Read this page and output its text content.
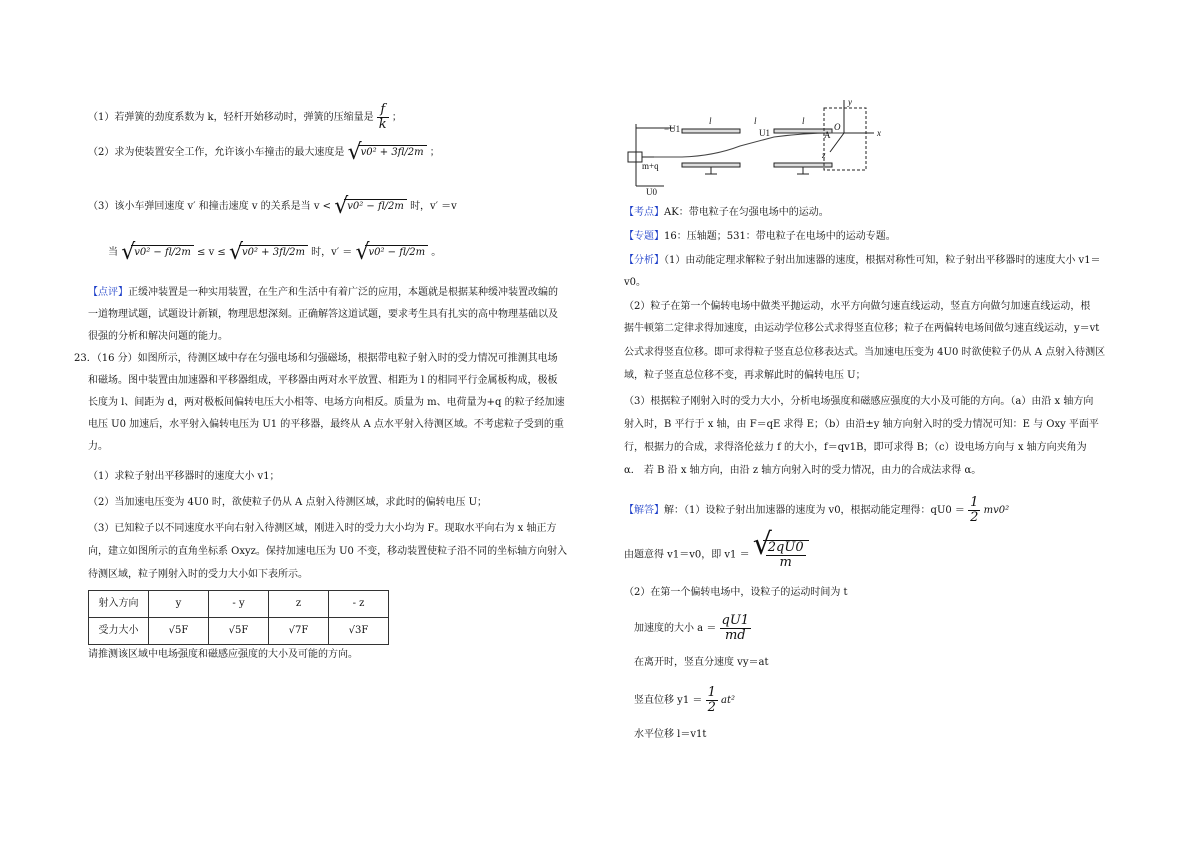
（1）若弹簧的劲度系数为 k，轻杆开始移动时，弹簧的压缩量是 $\frac{f}{k}$ ；
（2）求为使装置安全工作，允许该小车撞击的最大速度是 √
v0² + 3fl/2m ；
（3）该小车弹回速度 v′ 和撞击速度 v 的关系是当 v < √
v0² − fl/2m 时，v′ ＝v
当 √
v0² − fl/2m ≤ v ≤ √
v0² + 3fl/2m 时，v′ ＝ √
v0² − fl/2m 。
【点评】正缓冲装置是一种实用装置，在生产和生活中有着广泛的应用，本题就是根据某种缓冲装置改编的
一道物理试题，试题设计新颖，物理思想深刻。正确解答这道试题，要求考生具有扎实的高中物理基础以及
很强的分析和解决问题的能力。
23．（16 分）如图所示，待测区域中存在匀强电场和匀强磁场，根据带电粒子射入时的受力情况可推测其电场
和磁场。图中装置由加速器和平移器组成，平移器由两对水平放置、相距为 l 的相同平行金属板构成，极板
长度为 l、间距为 d，两对极板间偏转电压大小相等、电场方向相反。质量为 m、电荷量为+q 的粒子经加速
电压 U0 加速后，水平射入偏转电压为 U1 的平移器，最终从 A 点水平射入待测区域。不考虑粒子受到的重
力。
（1）求粒子射出平移器时的速度大小 v1；
（2）当加速电压变为 4U0 时，欲使粒子仍从 A 点射入待测区域，求此时的偏转电压 U；
（3）已知粒子以不同速度水平向右射入待测区域，刚进入时的受力大小均为 F。现取水平向右为 x 轴正方
向，建立如图所示的直角坐标系 Oxyz。保持加速电压为 U0 不变，移动装置使粒子沿不同的坐标轴方向射入
待测区域，粒子刚射入时的受力大小如下表所示。
射入方向	y	- y	z	- z
受力大小	√5F	√5F	√7F	√3F
请推测该区域中电场强度和磁感应强度的大小及可能的方向。
−U1
l	l
U1
l
A
O
x
y
z
m+q
U0
【考点】AK：带电粒子在匀强电场中的运动。
【专题】16：压轴题；531：带电粒子在电场中的运动专题。
【分析】（1）由动能定理求解粒子射出加速器的速度，根据对称性可知，粒子射出平移器时的速度大小 v1＝
v0。
（2）粒子在第一个偏转电场中做类平抛运动，水平方向做匀速直线运动，竖直方向做匀加速直线运动，根
据牛顿第二定律求得加速度，由运动学位移公式求得竖直位移；粒子在两偏转电场间做匀速直线运动，y＝vt
公式求得竖直位移。即可求得粒子竖直总位移表达式。当加速电压变为 4U0 时欲使粒子仍从 A 点射入待测区
域，粒子竖直总位移不变，再求解此时的偏转电压 U；
（3）根据粒子刚射入时的受力大小，分析电场强度和磁感应强度的大小及可能的方向。（a）由沿 x 轴方向
射入时，B 平行于 x 轴，由 F＝qE 求得 E；（b）由沿±y 轴方向射入时的受力情况可知：E 与 Oxy 平面平
行，根据力的合成，求得洛伦兹力 f 的大小，f＝qv1B，即可求得 B；（c）设电场方向与 x 轴方向夹角为
α． 若 B 沿 x 轴方向，由沿 z 轴方向射入时的受力情况，由力的合成法求得 α。
【解答】解：（1）设粒子射出加速器的速度为 v0，根据动能定理得：$qU0 = \frac{1}{2} mv0^2$
由题意得 v1＝v0，即 v1 ＝ √
$\frac{2qU0}{m}$
（2）在第一个偏转电场中，设粒子的运动时间为 t
加速度的大小 $a = \frac{qU1}{md}$
在离开时，竖直分速度 vy＝at
竖直位移 $y1 = \frac{1}{2} at^2$
水平位移 l＝v1t
